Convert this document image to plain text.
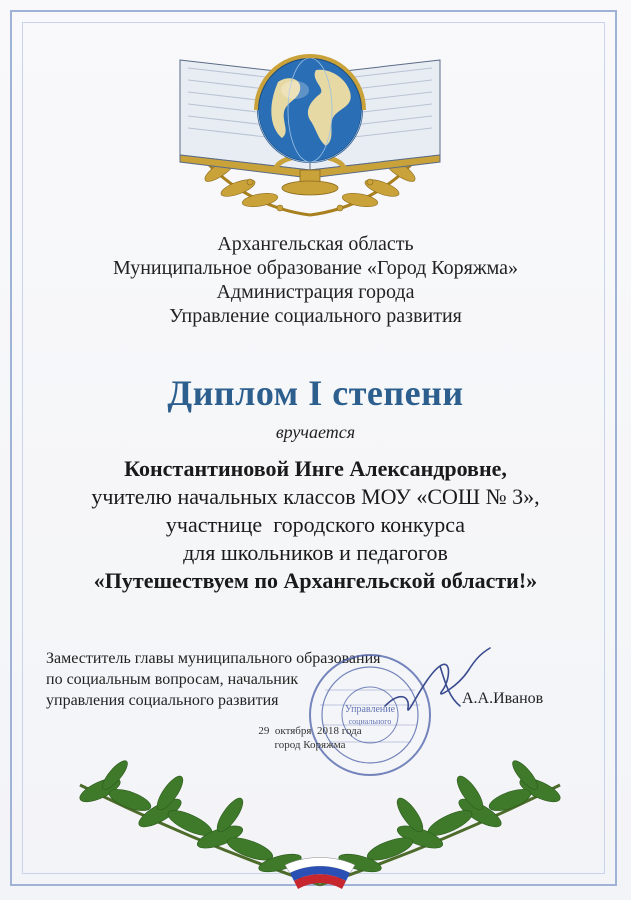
Архангельская область
Муниципальное образование «Город Коряжма»
Администрация города
Управление социального развития
Диплом I степени
вручается
Константиновой Инге Александровне,
учителю начальных классов МОУ «СОШ № 3»,
участнице  городского конкурса
для школьников и педагогов
«Путешествуем по Архангельской области!»
Заместитель главы муниципального образования
по социальным вопросам, начальник
управления социального развития	А.А.Иванов
Управление
социального
29  октября  2018 года
город Коряжма
